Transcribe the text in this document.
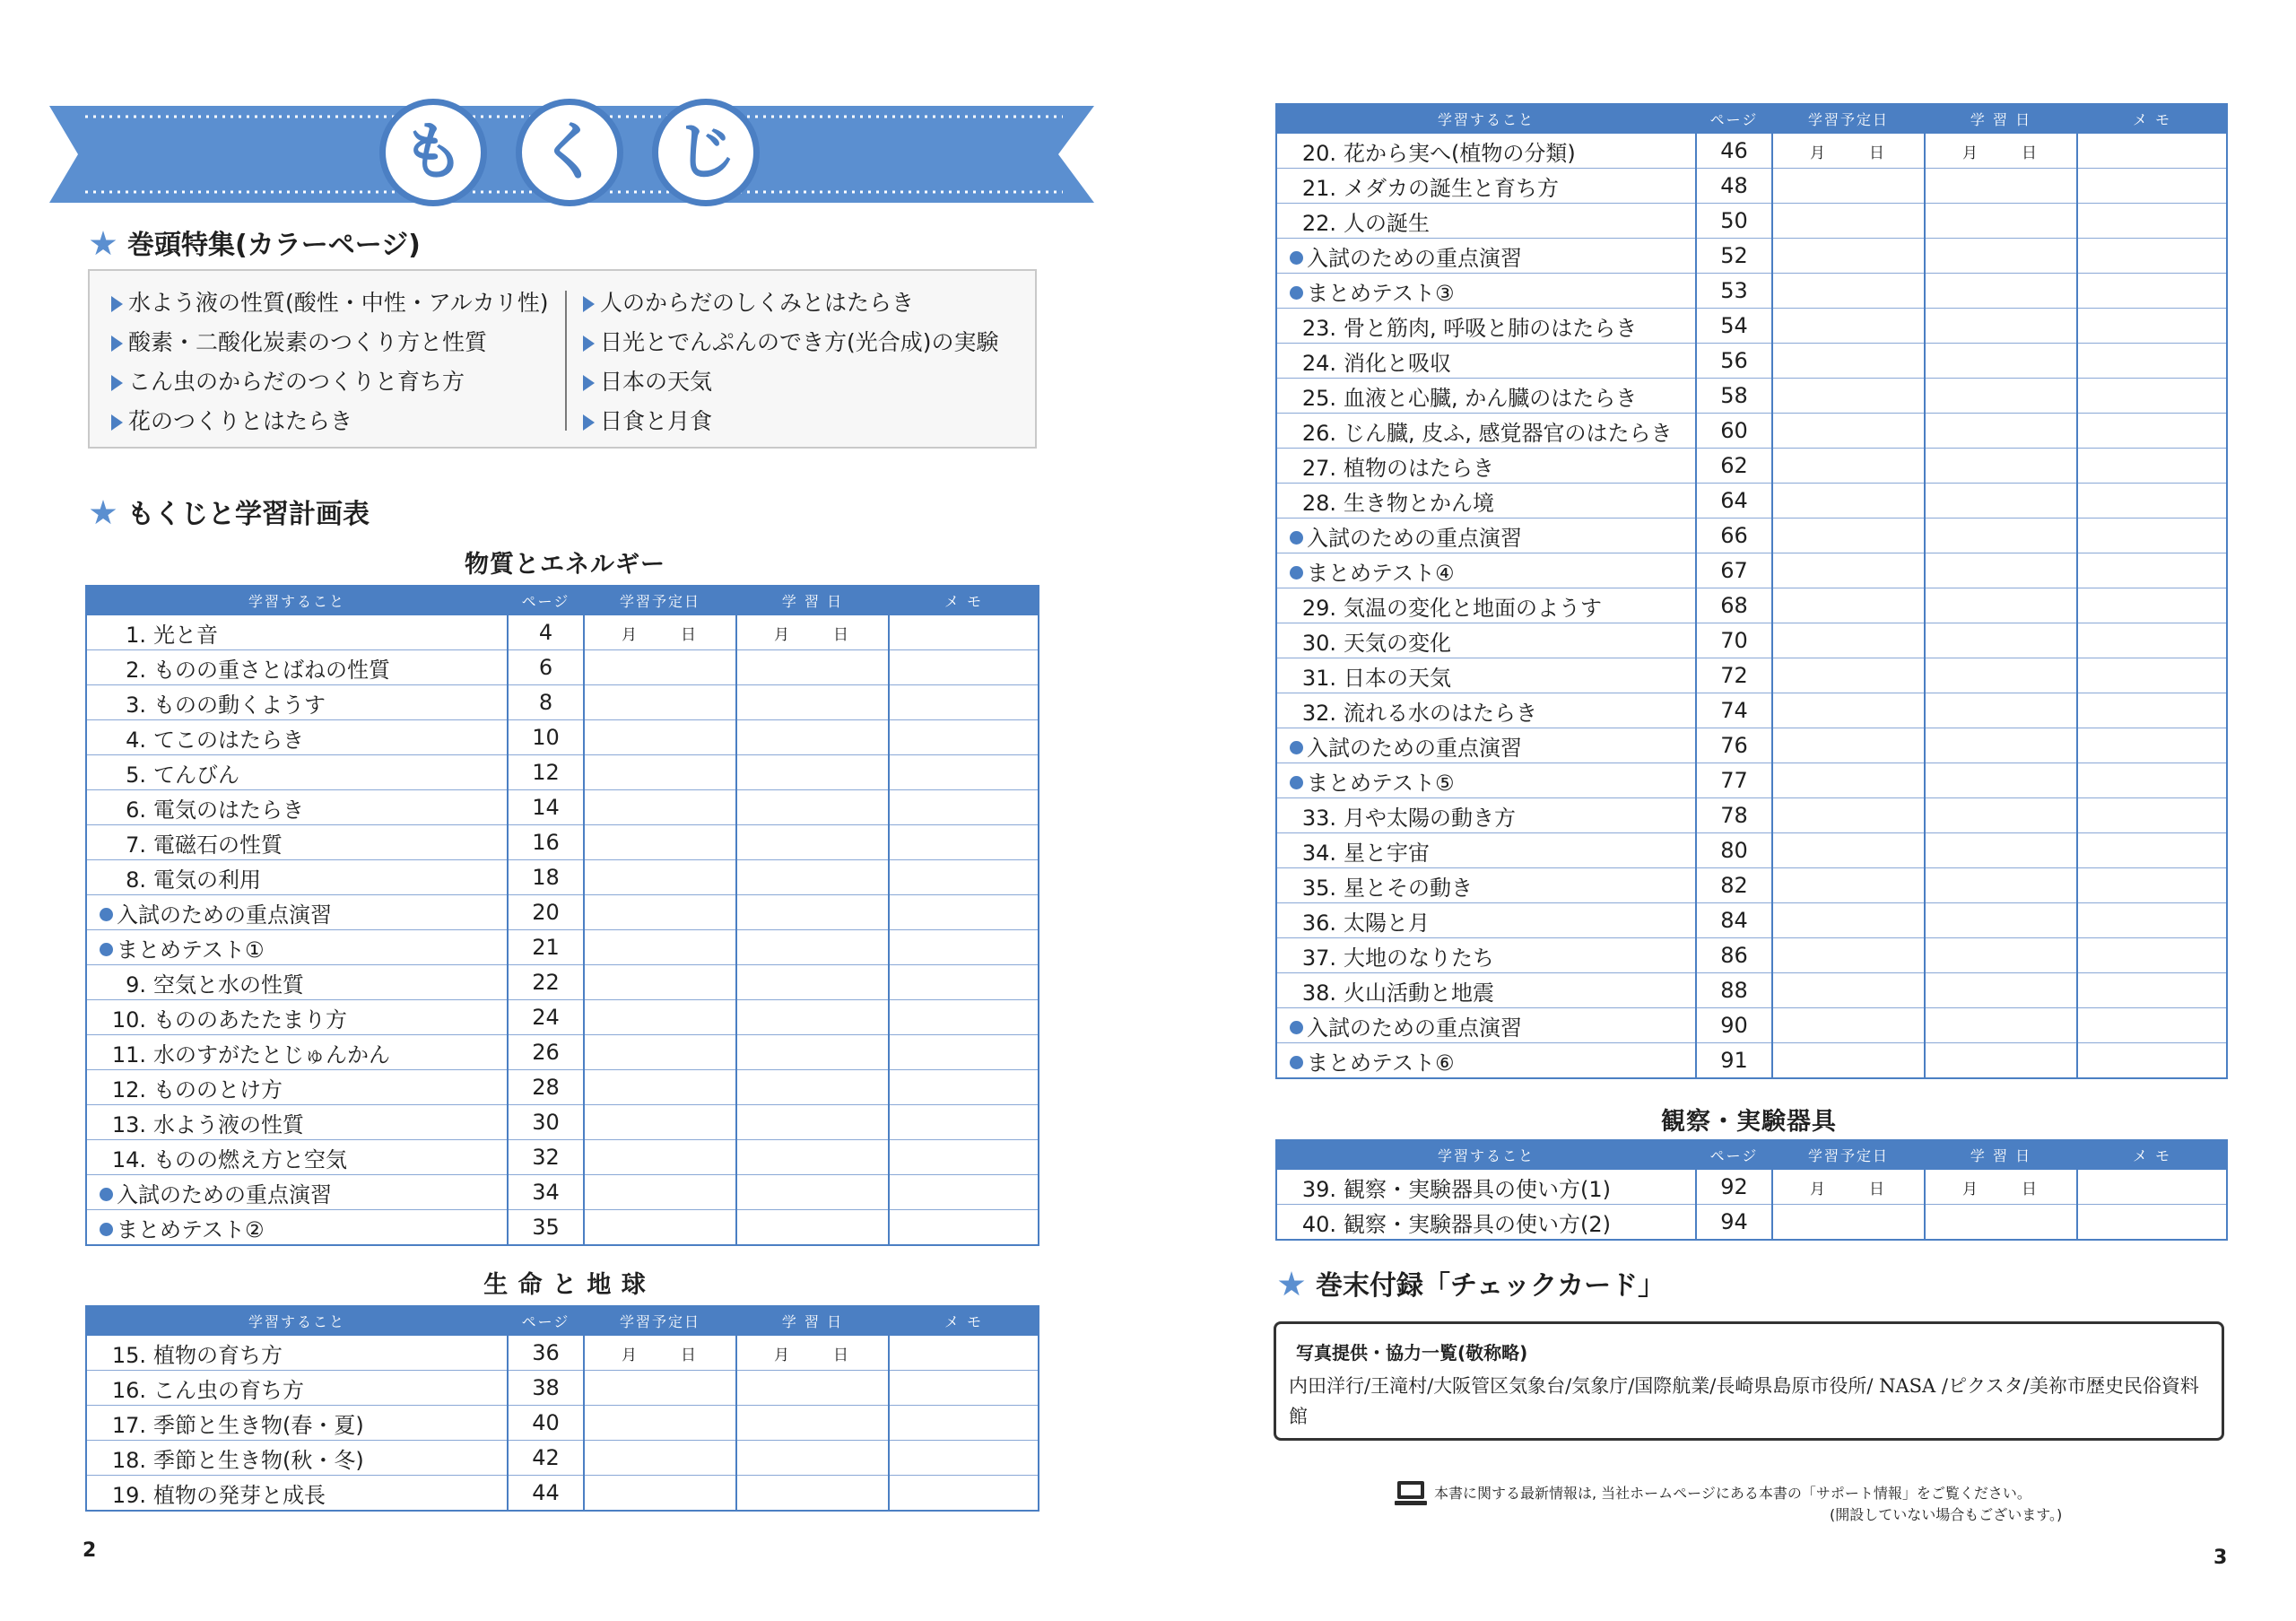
も	く	じ
巻頭特集(カラーページ)
水よう液の性質(酸性・中性・アルカリ性)
酸素・二酸化炭素のつくり方と性質
こん虫のからだのつくりと育ち方
花のつくりとはたらき
人のからだのしくみとはたらき
日光とでんぷんのでき方(光合成)の実験
日本の天気
日食と月食
もくじと学習計画表
物質とエネルギー
学習すること	ページ	学習予定日	学 習 日	メ モ
1. 光と音	4	月 日	月 日	
2. ものの重さとばねの性質	6			
3. ものの動くようす	8			
4. てこのはたらき	10			
5. てんびん	12			
6. 電気のはたらき	14			
7. 電磁石の性質	16			
8. 電気の利用	18			
入試のための重点演習	20			
まとめテスト①	21			
9. 空気と水の性質	22			
10. もののあたたまり方	24			
11. 水のすがたとじゅんかん	26			
12. もののとけ方	28			
13. 水よう液の性質	30			
14. ものの燃え方と空気	32			
入試のための重点演習	34			
まとめテスト②	35			
生 命 と 地 球
学習すること	ページ	学習予定日	学 習 日	メ モ
15. 植物の育ち方	36	月 日	月 日	
16. こん虫の育ち方	38			
17. 季節と生き物(春・夏)	40			
18. 季節と生き物(秋・冬)	42			
19. 植物の発芽と成長	44			
2
学習すること	ページ	学習予定日	学 習 日	メ モ
20. 花から実へ(植物の分類)	46	月 日	月 日	
21. メダカの誕生と育ち方	48			
22. 人の誕生	50			
入試のための重点演習	52			
まとめテスト③	53			
23. 骨と筋肉, 呼吸と肺のはたらき	54			
24. 消化と吸収	56			
25. 血液と心臓, かん臓のはたらき	58			
26. じん臓, 皮ふ, 感覚器官のはたらき	60			
27. 植物のはたらき	62			
28. 生き物とかん境	64			
入試のための重点演習	66			
まとめテスト④	67			
29. 気温の変化と地面のようす	68			
30. 天気の変化	70			
31. 日本の天気	72			
32. 流れる水のはたらき	74			
入試のための重点演習	76			
まとめテスト⑤	77			
33. 月や太陽の動き方	78			
34. 星と宇宙	80			
35. 星とその動き	82			
36. 太陽と月	84			
37. 大地のなりたち	86			
38. 火山活動と地震	88			
入試のための重点演習	90			
まとめテスト⑥	91			
観察・実験器具
学習すること	ページ	学習予定日	学 習 日	メ モ
39. 観察・実験器具の使い方(1)	92	月 日	月 日	
40. 観察・実験器具の使い方(2)	94			
巻末付録「チェックカード」
写真提供・協力一覧(敬称略)
内田洋行/王滝村/大阪管区気象台/気象庁/国際航業/長崎県島原市役所/ NASA /ピクスタ/美祢市歴史民俗資料館
本書に関する最新情報は, 当社ホームページにある本書の「サポート情報」をご覧ください。
(開設していない場合もございます。)
3
